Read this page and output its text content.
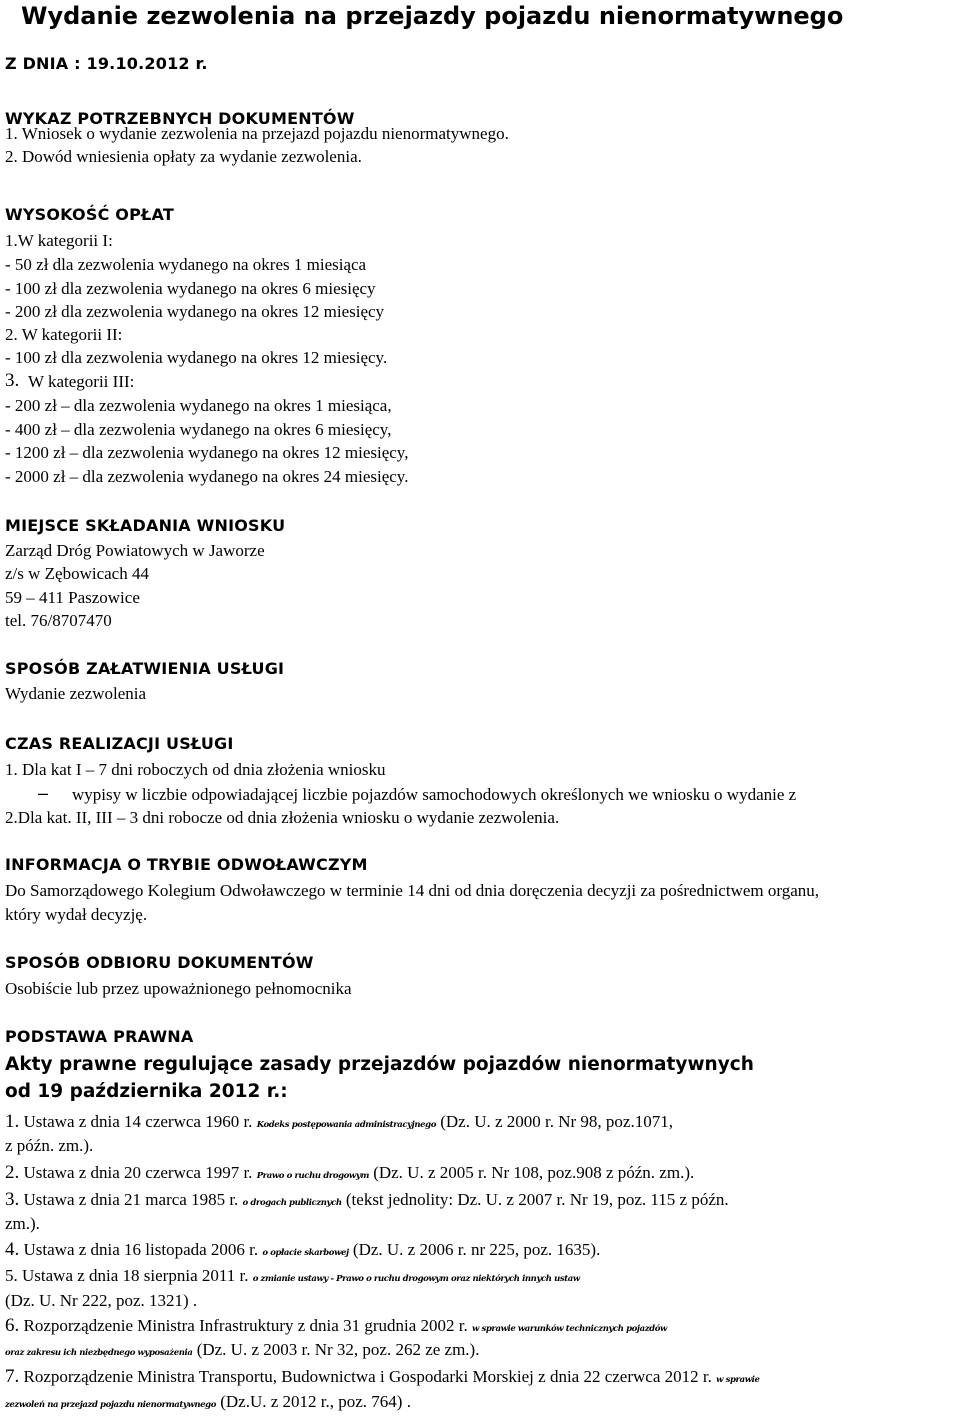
Wydanie zezwolenia na przejazdy pojazdu nienormatywnego
Z DNIA : 19.10.2012 r.
WYKAZ POTRZEBNYCH DOKUMENTÓW
1. Wniosek o wydanie zezwolenia na przejazd pojazdu nienormatywnego.
2. Dowód wniesienia opłaty za wydanie zezwolenia.
WYSOKOŚĆ OPŁAT
1.W kategorii I:
- 50 zł dla zezwolenia wydanego na okres 1 miesiąca
- 100 zł dla zezwolenia wydanego na okres 6 miesięcy
- 200 zł dla zezwolenia wydanego na okres 12 miesięcy
2. W kategorii II:
- 100 zł dla zezwolenia wydanego na okres 12 miesięcy.
3. W kategorii III:
- 200 zł – dla zezwolenia wydanego na okres 1 miesiąca,
- 400 zł – dla zezwolenia wydanego na okres 6 miesięcy,
- 1200 zł – dla zezwolenia wydanego na okres 12 miesięcy,
- 2000 zł – dla zezwolenia wydanego na okres 24 miesięcy.
MIEJSCE SKŁADANIA WNIOSKU
Zarząd Dróg Powiatowych w Jaworze
z/s w Zębowicach 44
59 – 411 Paszowice
tel. 76/8707470
SPOSÓB ZAŁATWIENIA USŁUGI
Wydanie zezwolenia
CZAS REALIZACJI USŁUGI
1. Dla kat I – 7 dni roboczych od dnia złożenia wniosku
– wypisy w liczbie odpowiadającej liczbie pojazdów samochodowych określonych we wniosku o wydanie z
2.Dla kat. II, III – 3 dni robocze od dnia złożenia wniosku o wydanie zezwolenia.
INFORMACJA O TRYBIE ODWOŁAWCZYM
Do Samorządowego Kolegium Odwoławczego w terminie 14 dni od dnia doręczenia decyzji za pośrednictwem organu,
który wydał decyzję.
SPOSÓB ODBIORU DOKUMENTÓW
Osobiście lub przez upoważnionego pełnomocnika
PODSTAWA PRAWNA
Akty prawne regulujące zasady przejazdów pojazdów nienormatywnych
od 19 października 2012 r.:
1. Ustawa z dnia 14 czerwca 1960 r. Kodeks postępowania administracyjnego (Dz. U. z 2000 r. Nr 98, poz.1071,
z późn. zm.).
2. Ustawa z dnia 20 czerwca 1997 r. Prawo o ruchu drogowym (Dz. U. z 2005 r. Nr 108, poz.908 z późn. zm.).
3. Ustawa z dnia 21 marca 1985 r. o drogach publicznych (tekst jednolity: Dz. U. z 2007 r. Nr 19, poz. 115 z późn.
zm.).
4. Ustawa z dnia 16 listopada 2006 r. o opłacie skarbowej (Dz. U. z 2006 r. nr 225, poz. 1635).
5. Ustawa z dnia 18 sierpnia 2011 r. o zmianie ustawy - Prawo o ruchu drogowym oraz niektórych innych ustaw
(Dz. U. Nr 222, poz. 1321) .
6. Rozporządzenie Ministra Infrastruktury z dnia 31 grudnia 2002 r. w sprawie warunków technicznych pojazdów
oraz zakresu ich niezbędnego wyposażenia (Dz. U. z 2003 r. Nr 32, poz. 262 ze zm.).
7. Rozporządzenie Ministra Transportu, Budownictwa i Gospodarki Morskiej z dnia 22 czerwca 2012 r. w sprawie
zezwoleń na przejazd pojazdu nienormatywnego (Dz.U. z 2012 r., poz. 764) .
